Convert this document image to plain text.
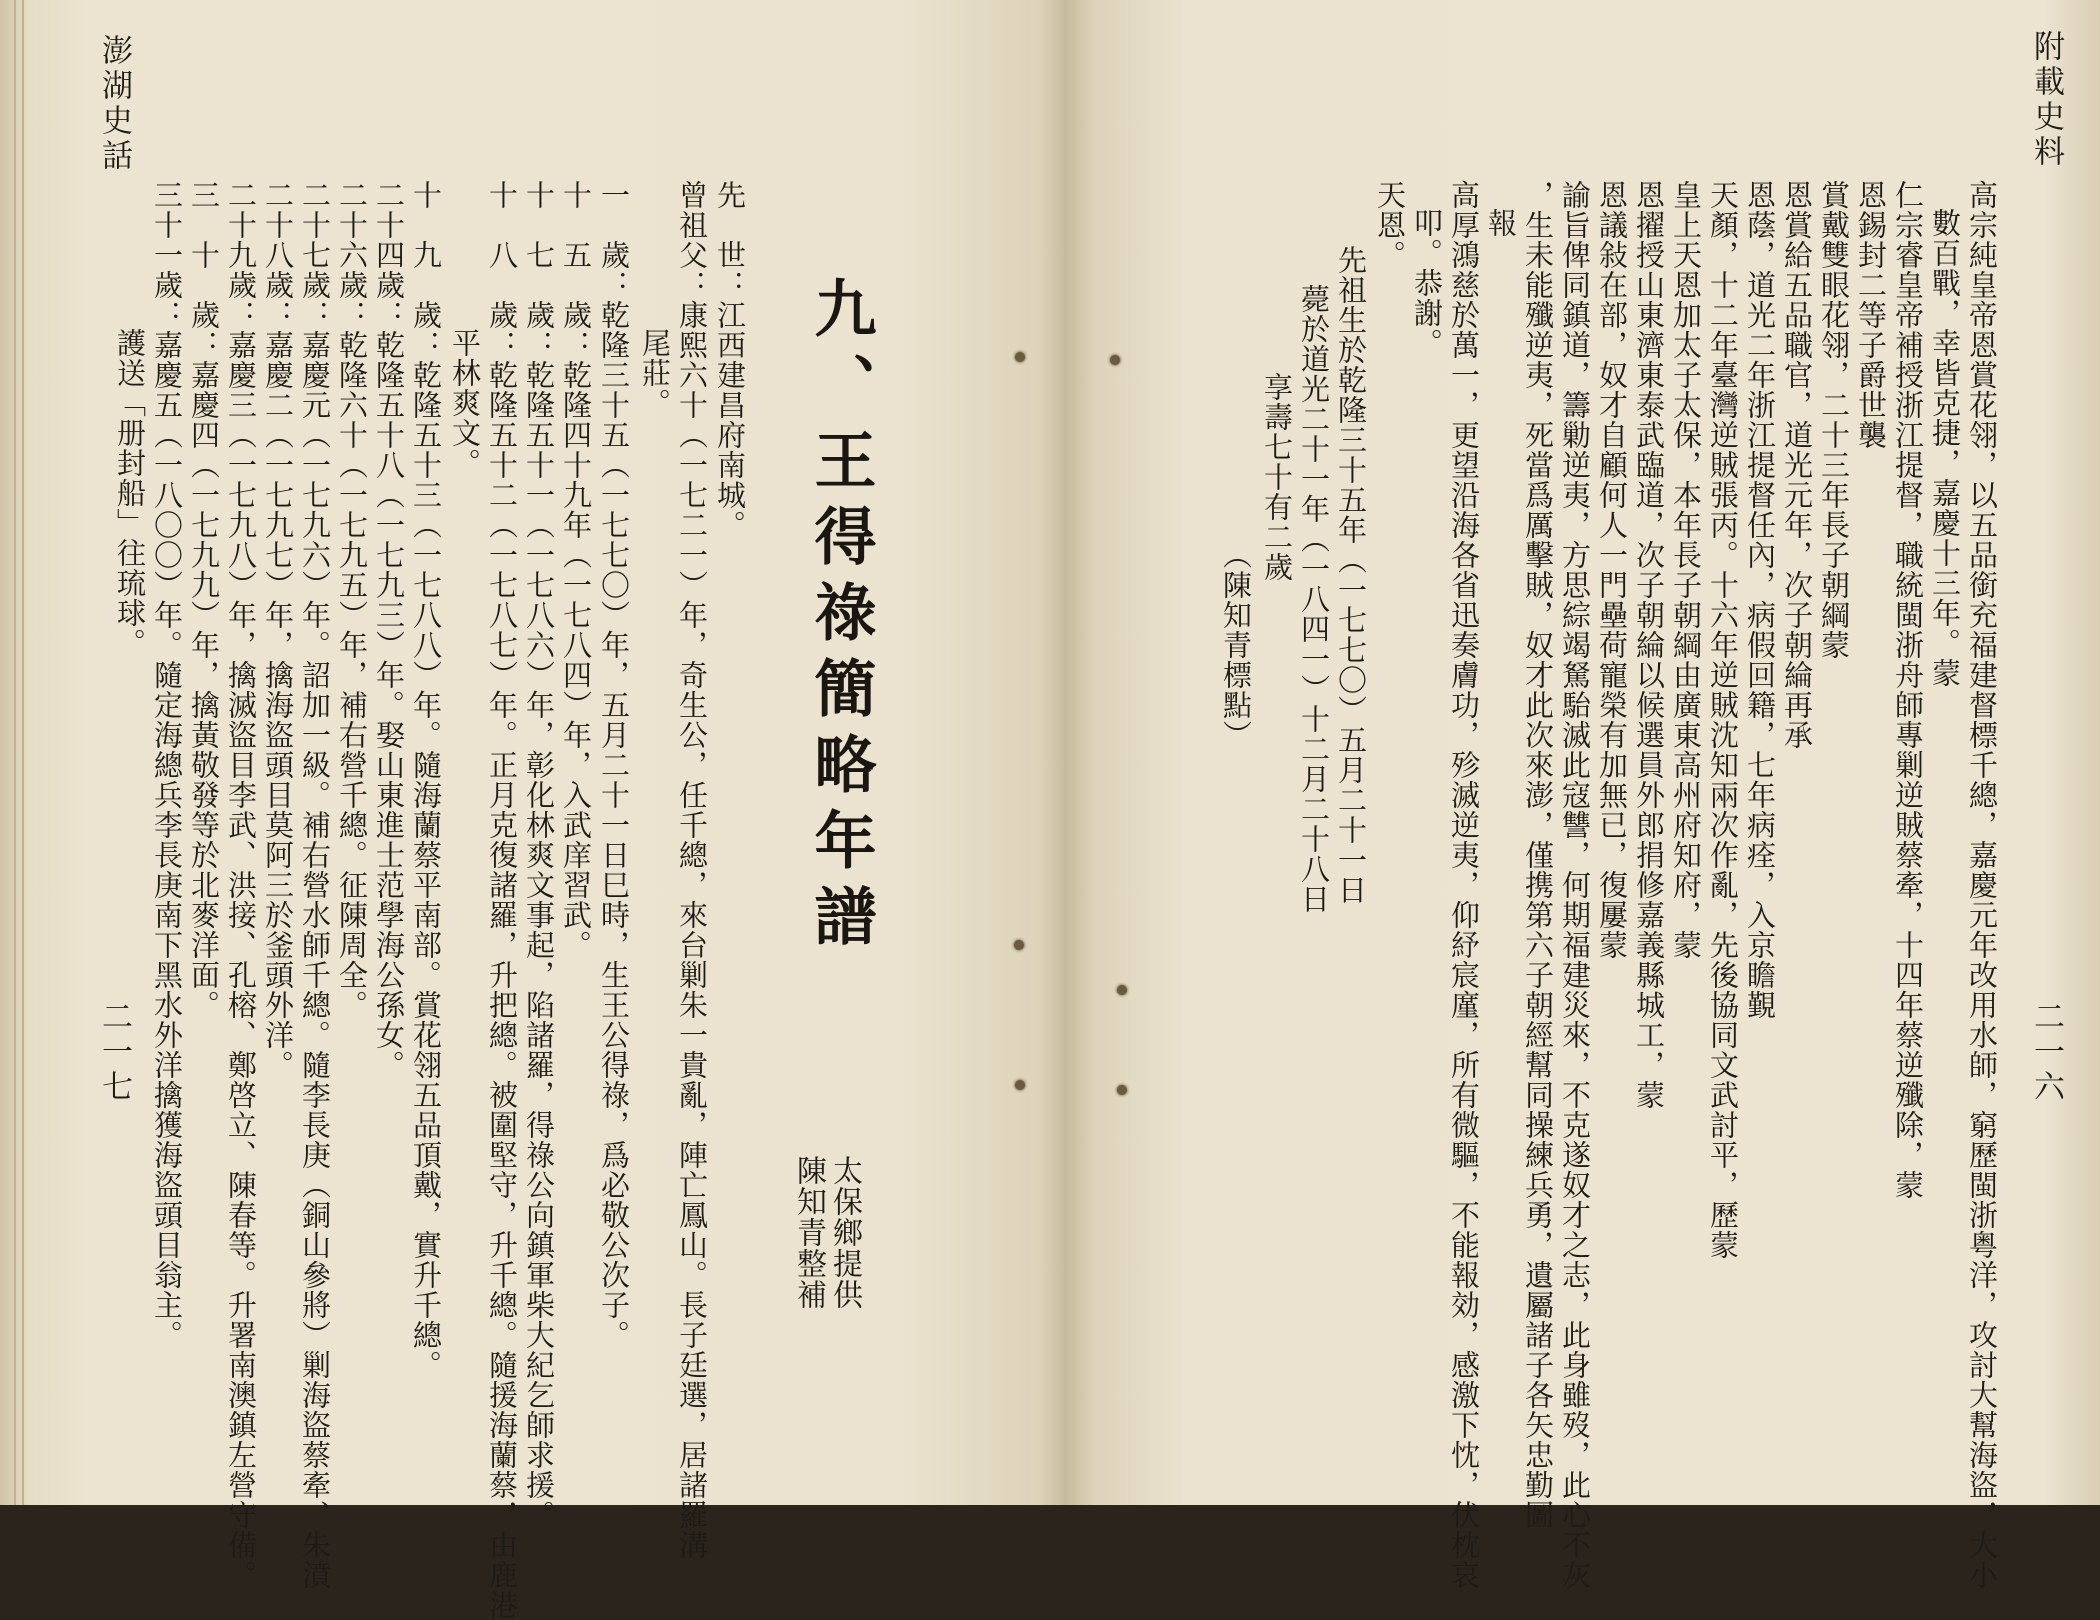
澎湖史話
二一七
九、王得祿簡略年譜
太保鄉提供
陳知青整補
先　世：江西建昌府南城。
曾祖父：康熙六十（一七二一）年，奇生公，任千總，來台剿朱一貴亂，陣亡鳳山。長子廷選，居諸羅溝
尾莊。
一　歲：乾隆三十五（一七七〇）年，五月二十一日巳時，生王公得祿，爲必敬公次子。
十　五　歲：乾隆四十九年（一七八四）年，入武庠習武。
十　七　歲：乾隆五十一（一七八六）年，彰化林爽文事起，陷諸羅，得祿公向鎮軍柴大紀乞師求援。
十　八　歲：乾隆五十二（一七八七）年。正月克復諸羅，升把總。被圍堅守，升千總。隨援海蘭蔡，由鹿港
平林爽文。
十　九　歲：乾隆五十三（一七八八）年。隨海蘭蔡平南部。賞花翎五品頂戴，實升千總。
二十四歲：乾隆五十八（一七九三）年。娶山東進士范學海公孫女。
二十六歲：乾隆六十（一七九五）年，補右營千總。征陳周全。
二十七歲：嘉慶元（一七九六）年。詔加一級。補右營水師千總。隨李長庚（銅山參將）剿海盜蔡牽、朱濆
二十八歲：嘉慶二（一七九七）年，擒海盜頭目莫阿三於釜頭外洋。
二十九歲：嘉慶三（一七九八）年，擒滅盜目李武、洪接、孔榕、鄭啓立、陳春等。升署南澳鎮左營守備。
三　十　歲：嘉慶四（一七九九）年，擒黃敬發等於北麥洋面。
三十一歲：嘉慶五（一八〇〇）年。隨定海總兵李長庚南下黑水外洋擒獲海盜頭目翁主。
護送「册封船」往琉球。
附載史料
二一六
高宗純皇帝恩賞花翎，以五品銜充福建督標千總，嘉慶元年改用水師，窮歷閩浙粤洋，攻討大幫海盜，大小
數百戰，幸皆克捷，嘉慶十三年。蒙
仁宗睿皇帝補授浙江提督，職統閩浙舟師專剿逆賊蔡牽，十四年蔡逆殲除，蒙
恩錫封二等子爵世襲
賞戴雙眼花翎，二十三年長子朝綱蒙
恩賞給五品職官，道光元年，次子朝綸再承
恩蔭，道光二年浙江提督任內，病假回籍，七年病痊，入京瞻覲
天顏，十二年臺灣逆賊張丙。十六年逆賊沈知兩次作亂，先後協同文武討平，歷蒙
皇上天恩加太子太保，本年長子朝綱由廣東高州府知府，蒙
恩擢授山東濟東泰武臨道，次子朝綸以候選員外郎捐修嘉義縣城工，蒙
恩議敍在部，奴才自顧何人一門壘荷寵榮有加無已，復屢蒙
諭旨俾同鎮道，籌勦逆夷，方思綜竭駑駘滅此寇讐，何期福建災來，不克遂奴才之志，此身雖歿，此心不灰
，生未能殲逆夷，死當爲厲擊賊，奴才此次來澎，僅携第六子朝經幫同操練兵勇，遺屬諸子各矢忠勤圖
報
高厚鴻慈於萬一，更望沿海各省迅奏膚功，殄滅逆夷，仰紓宸廑，所有微驅，不能報効，感激下忱，伏枕哀
叩。恭謝。
天恩。
先祖生於乾隆三十五年（一七七〇）五月二十一日
薨於道光二十一年（一八四一）十二月二十八日
享壽七十有二歲
（陳知青標點）
